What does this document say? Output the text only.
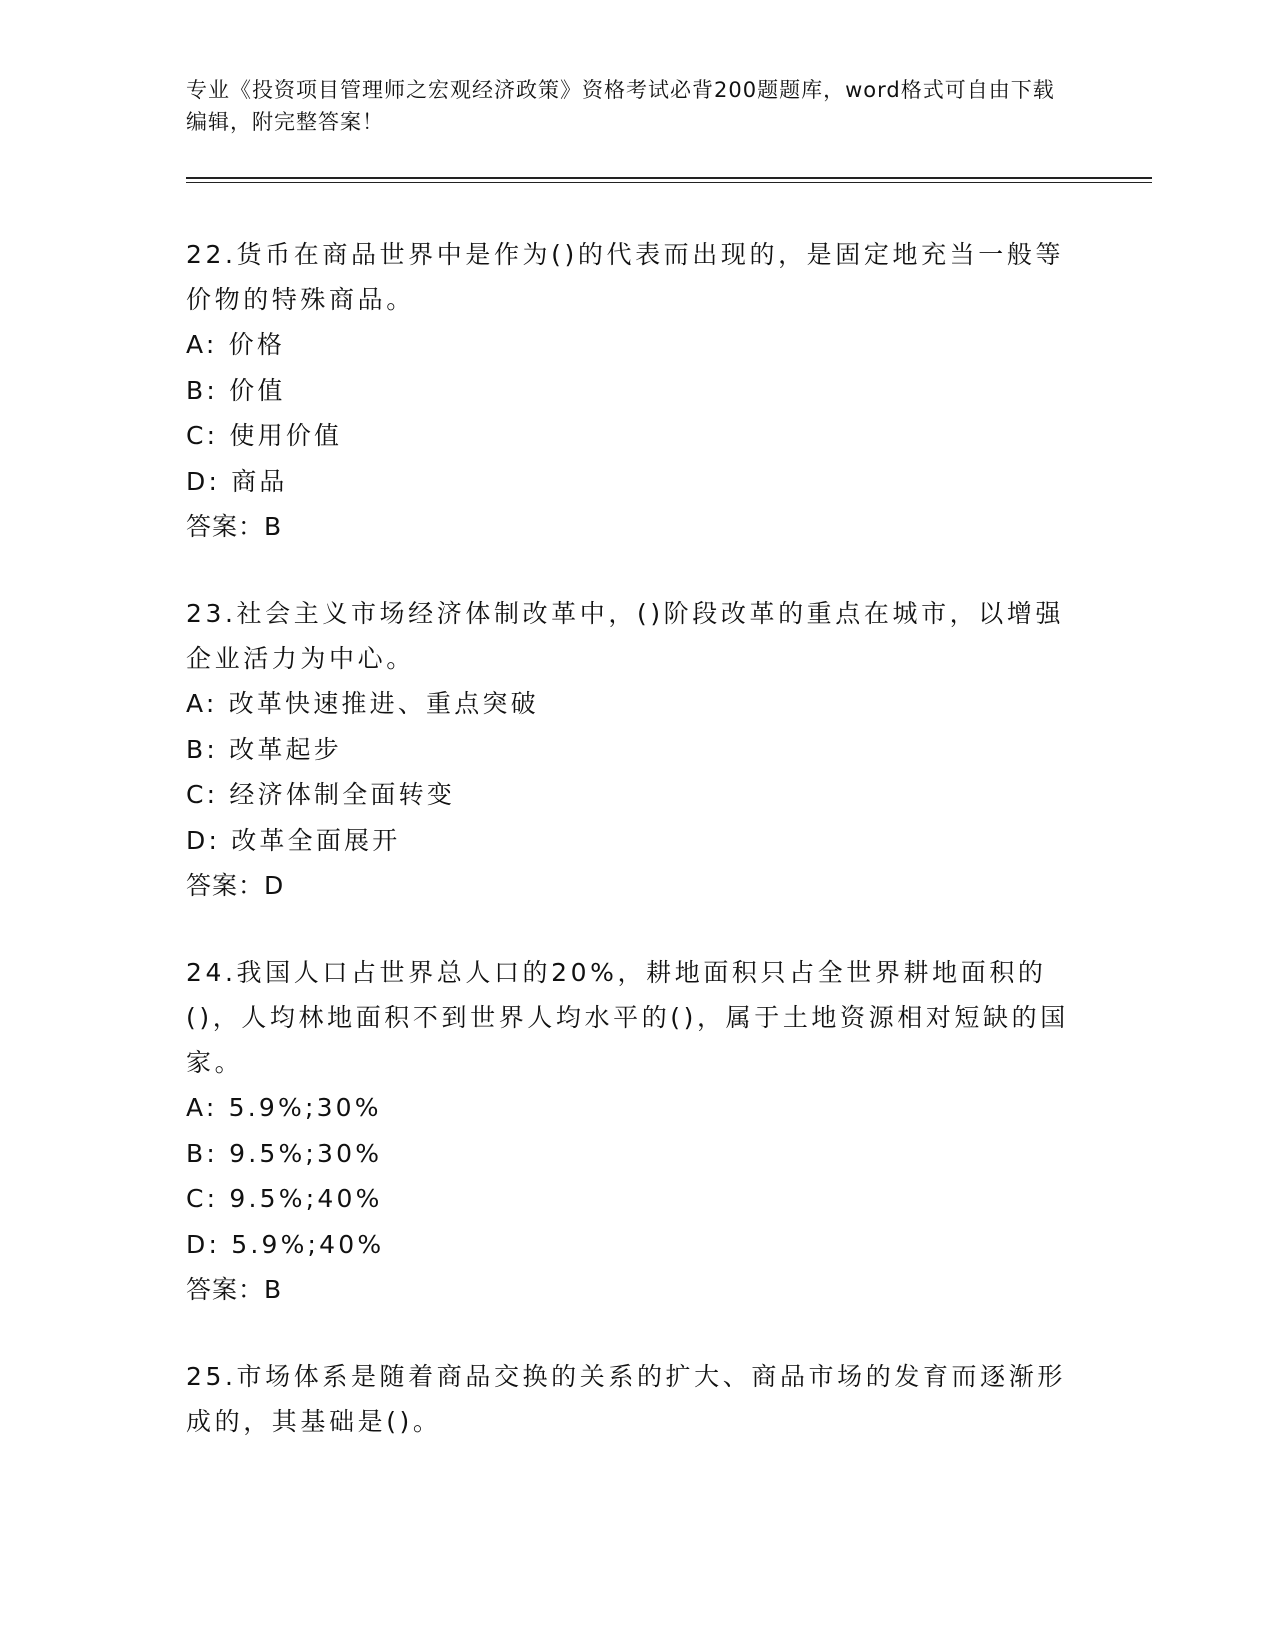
专业《投资项目管理师之宏观经济政策》资格考试必背200题题库，word格式可自由下载编辑，附完整答案！

22.货币在商品世界中是作为()的代表而出现的，是固定地充当一般等价物的特殊商品。

A: 价格

B: 价值

C: 使用价值

D: 商品

答案：B

23.社会主义市场经济体制改革中，()阶段改革的重点在城市，以增强企业活力为中心。

A: 改革快速推进、重点突破

B: 改革起步

C: 经济体制全面转变

D: 改革全面展开

答案：D

24.我国人口占世界总人口的20%，耕地面积只占全世界耕地面积的()，人均林地面积不到世界人均水平的()，属于土地资源相对短缺的国家。

A: 5.9%;30%

B: 9.5%;30%

C: 9.5%;40%

D: 5.9%;40%

答案：B

25.市场体系是随着商品交换的关系的扩大、商品市场的发育而逐渐形成的，其基础是()。
